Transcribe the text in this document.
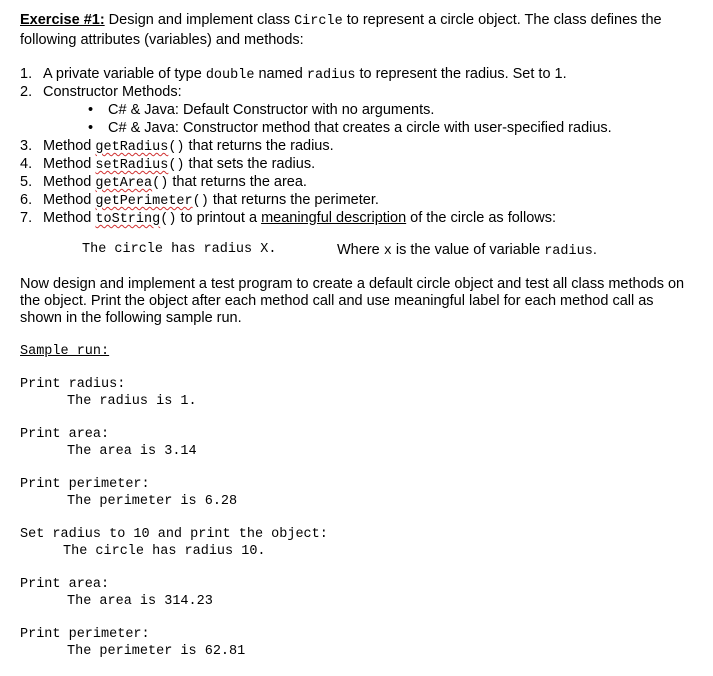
Exercise #1: Design and implement class Circle to represent a circle object. The class defines the following attributes (variables) and methods:
1. A private variable of type double named radius to represent the radius. Set to 1.
2. Constructor Methods:
• C# & Java: Default Constructor with no arguments.
• C# & Java: Constructor method that creates a circle with user-specified radius.
3. Method getRadius() that returns the radius.
4. Method setRadius() that sets the radius.
5. Method getArea() that returns the area.
6. Method getPerimeter() that returns the perimeter.
7. Method toString() to printout a meaningful description of the circle as follows:
The circle has radius X.	Where x is the value of variable radius.
Now design and implement a test program to create a default circle object and test all class methods on the object. Print the object after each method call and use meaningful label for each method call as shown in the following sample run.
Sample run:
Print radius:
The radius is 1.
Print area:
The area is 3.14
Print perimeter:
The perimeter is 6.28
Set radius to 10 and print the object:
The circle has radius 10.
Print area:
The area is 314.23
Print perimeter:
The perimeter is 62.81
